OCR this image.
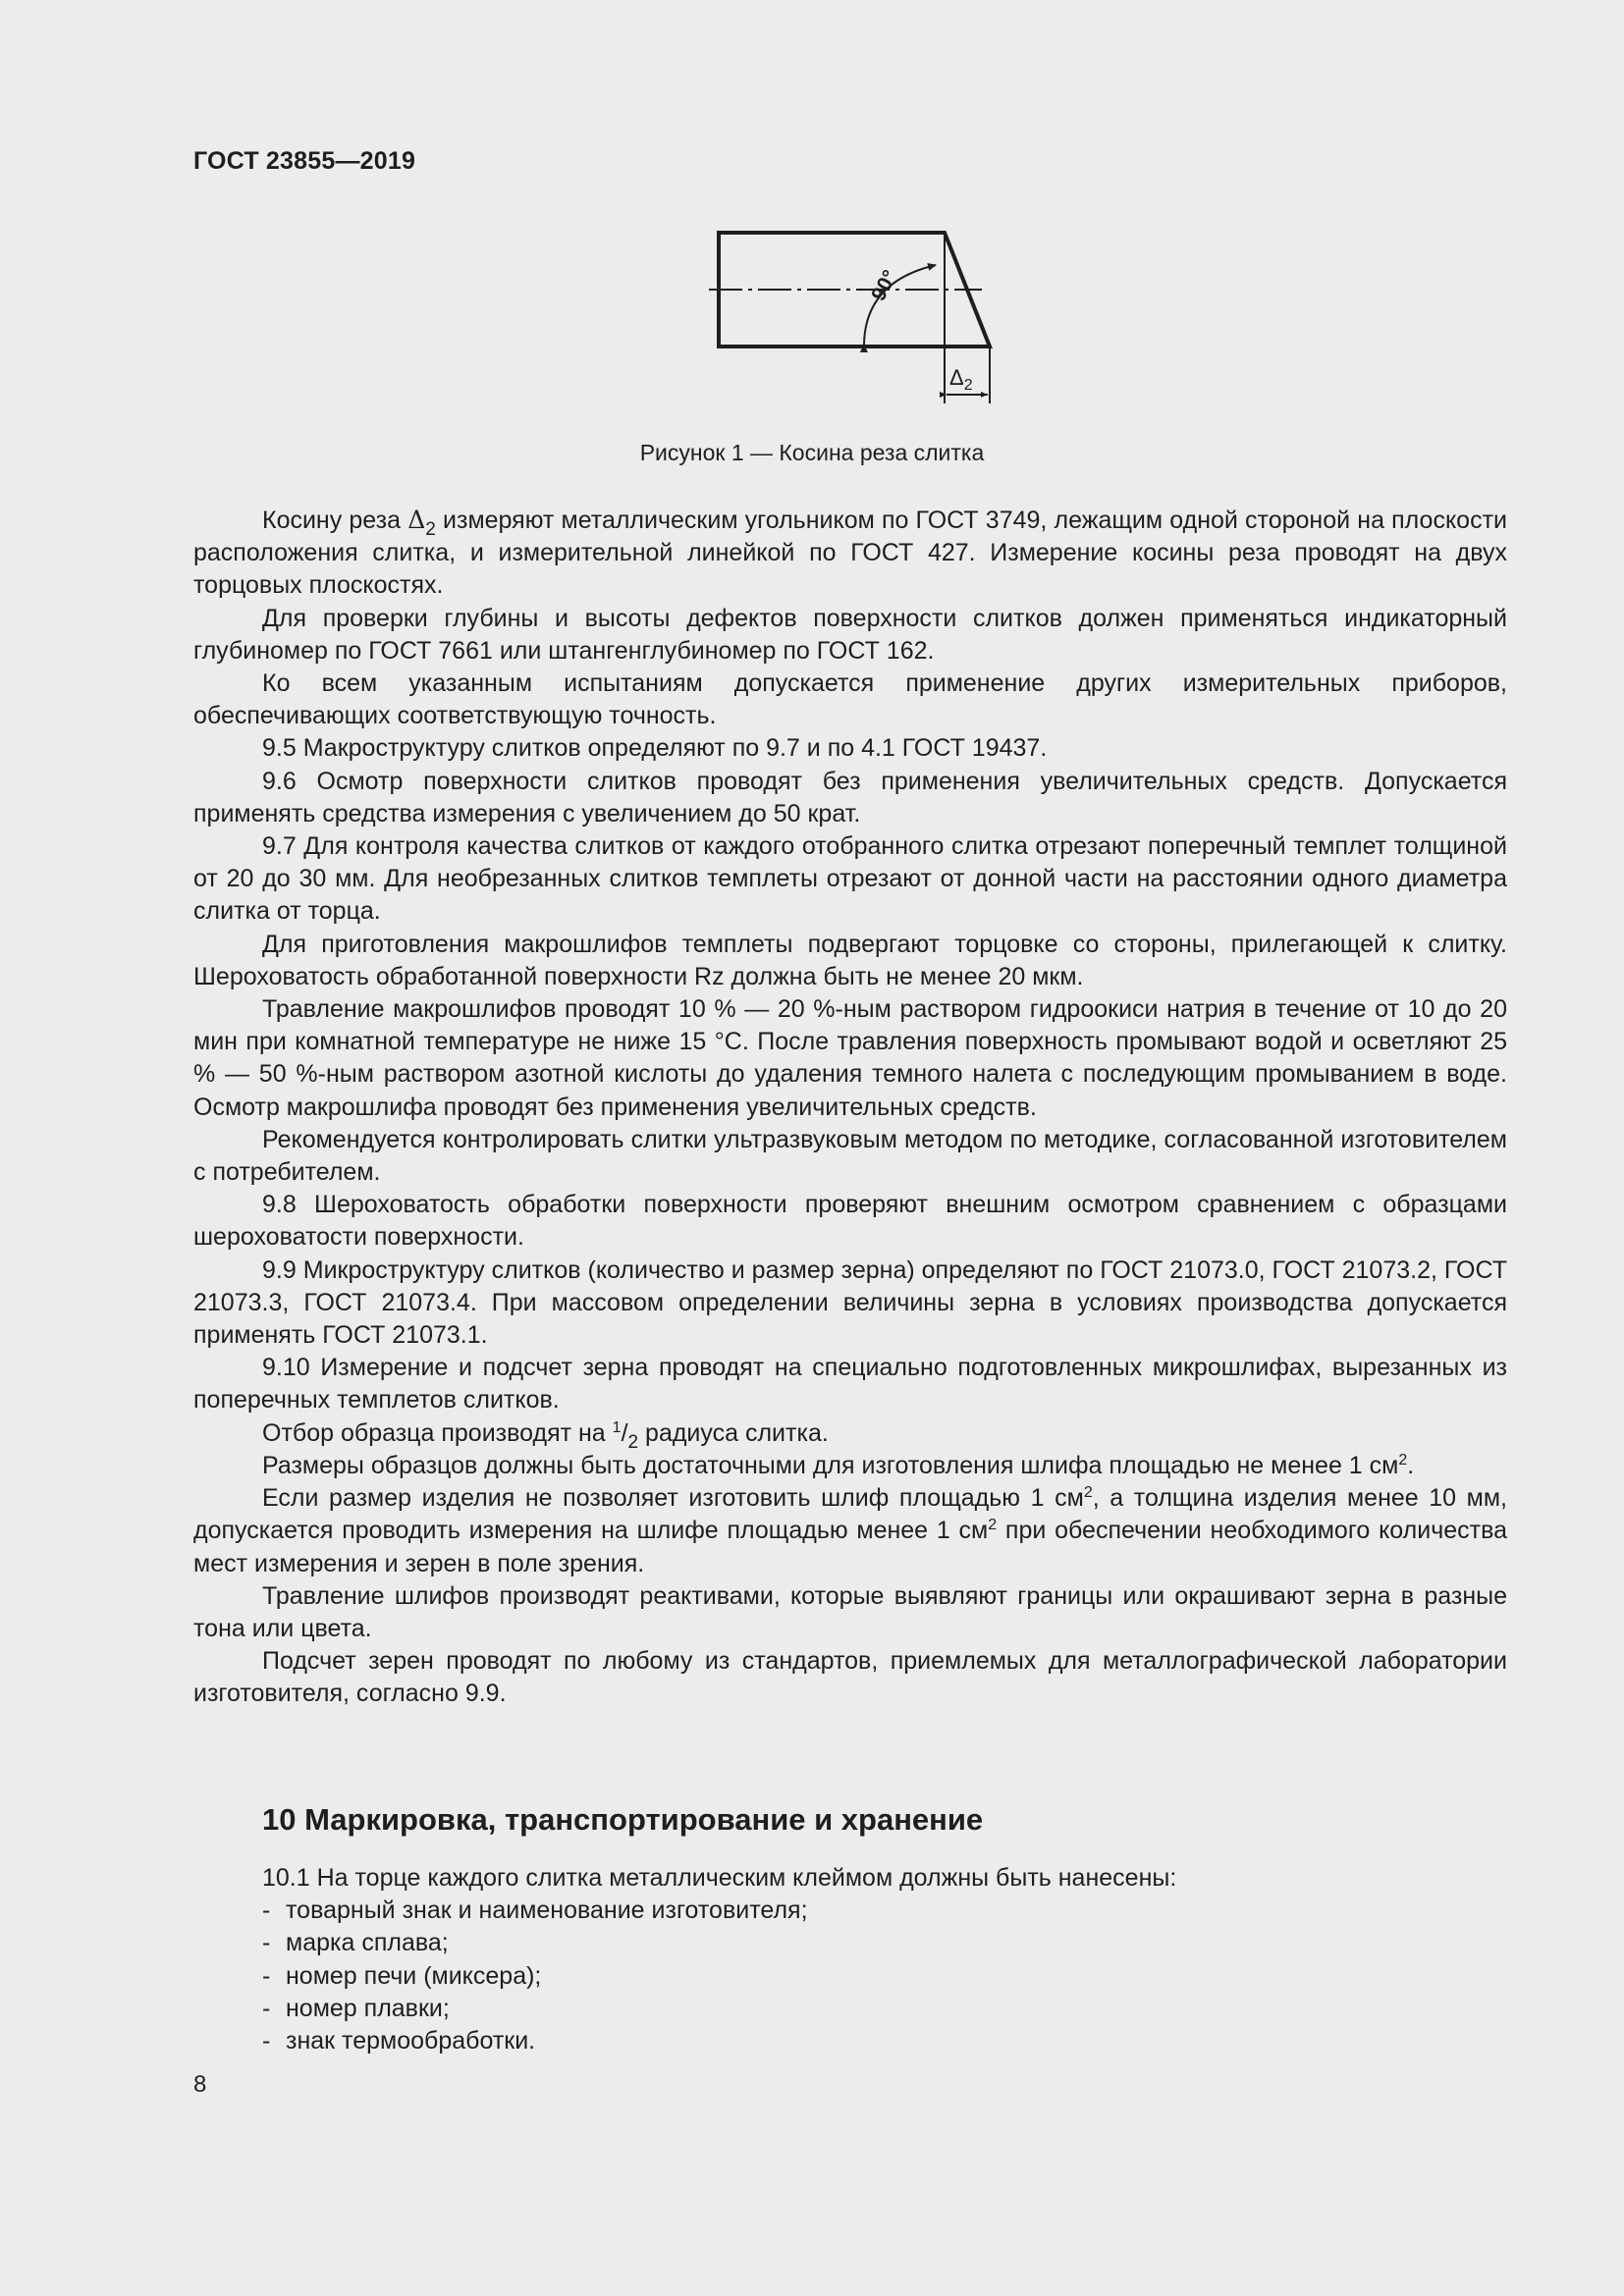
ГОСТ 23855—2019
90°
$\Delta_2$
Рисунок 1 — Косина реза слитка

Косину реза $\Delta_2$ измеряют металлическим угольником по ГОСТ 3749, лежащим одной стороной на плоскости расположения слитка, и измерительной линейкой по ГОСТ 427. Измерение косины реза проводят на двух торцовых плоскостях.

Для проверки глубины и высоты дефектов поверхности слитков должен применяться индикаторный глубиномер по ГОСТ 7661 или штангенглубиномер по ГОСТ 162.

Ко всем указанным испытаниям допускается применение других измерительных приборов, обеспечивающих соответствующую точность.

9.5 Макроструктуру слитков определяют по 9.7 и по 4.1 ГОСТ 19437.

9.6 Осмотр поверхности слитков проводят без применения увеличительных средств. Допускается применять средства измерения с увеличением до 50 крат.

9.7 Для контроля качества слитков от каждого отобранного слитка отрезают поперечный темплет толщиной от 20 до 30 мм. Для необрезанных слитков темплеты отрезают от донной части на расстоянии одного диаметра слитка от торца.

Для приготовления макрошлифов темплеты подвергают торцовке со стороны, прилегающей к слитку. Шероховатость обработанной поверхности Rz должна быть не менее 20 мкм.

Травление макрошлифов проводят 10 % — 20 %-ным раствором гидроокиси натрия в течение от 10 до 20 мин при комнатной температуре не ниже 15 °C. После травления поверхность промывают водой и осветляют 25 % — 50 %-ным раствором азотной кислоты до удаления темного налета с последующим промыванием в воде. Осмотр макрошлифа проводят без применения увеличительных средств.

Рекомендуется контролировать слитки ультразвуковым методом по методике, согласованной изготовителем с потребителем.

9.8 Шероховатость обработки поверхности проверяют внешним осмотром сравнением с образцами шероховатости поверхности.

9.9 Микроструктуру слитков (количество и размер зерна) определяют по ГОСТ 21073.0, ГОСТ 21073.2, ГОСТ 21073.3, ГОСТ 21073.4. При массовом определении величины зерна в условиях производства допускается применять ГОСТ 21073.1.

9.10 Измерение и подсчет зерна проводят на специально подготовленных микрошлифах, вырезанных из поперечных темплетов слитков.

Отбор образца производят на $^1/_2$ радиуса слитка.

Размеры образцов должны быть достаточными для изготовления шлифа площадью не менее 1 $см^2$.

Если размер изделия не позволяет изготовить шлиф площадью 1 $см^2$, а толщина изделия менее 10 мм, допускается проводить измерения на шлифе площадью менее 1 $см^2$ при обеспечении необходимого количества мест измерения и зерен в поле зрения.

Травление шлифов производят реактивами, которые выявляют границы или окрашивают зерна в разные тона или цвета.

Подсчет зерен проводят по любому из стандартов, приемлемых для металлографической лаборатории изготовителя, согласно 9.9.

10 Маркировка, транспортирование и хранение

10.1 На торце каждого слитка металлическим клеймом должны быть нанесены:

- товарный знак и наименование изготовителя;

- марка сплава;

- номер печи (миксера);

- номер плавки;

- знак термообработки.

8
